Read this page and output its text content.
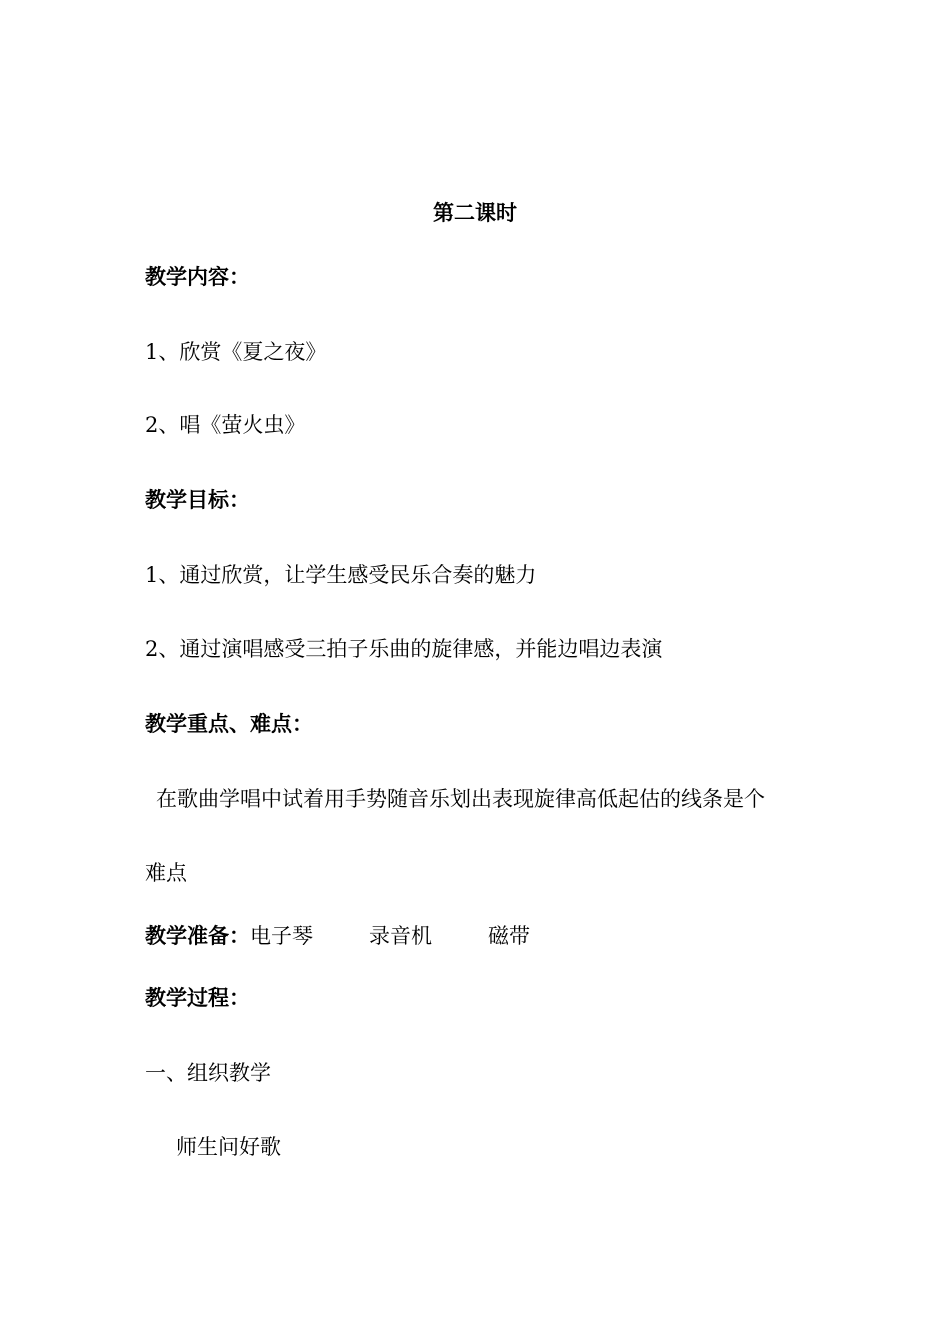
第二课时

教学内容：

1、欣赏《夏之夜》

2、唱《萤火虫》

教学目标：

1、通过欣赏，让学生感受民乐合奏的魅力

2、通过演唱感受三拍子乐曲的旋律感，并能边唱边表演

教学重点、难点：

在歌曲学唱中试着用手势随音乐划出表现旋律高低起估的线条是个

难点

教学准备：电子琴	录音机	磁带

教学过程：

一、组织教学

师生问好歌
